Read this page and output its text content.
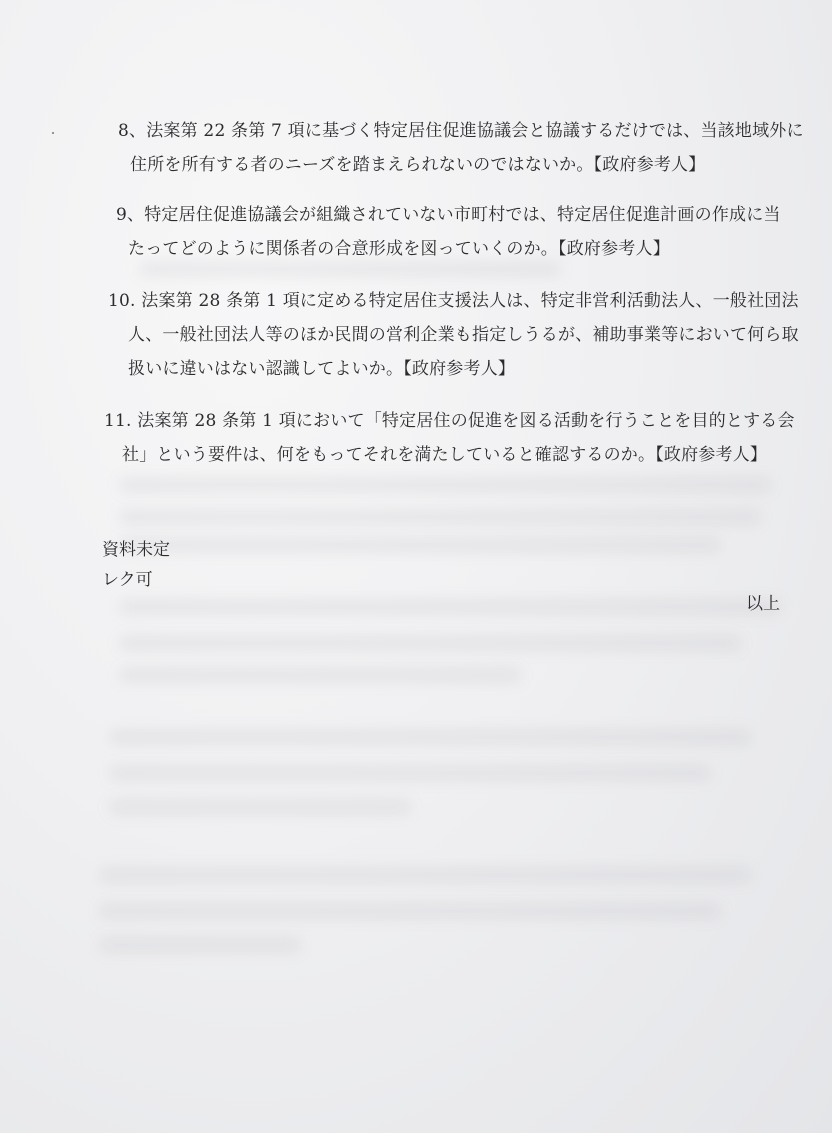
8、法案第 22 条第 7 項に基づく特定居住促進協議会と協議するだけでは、当該地域外に
住所を所有する者のニーズを踏まえられないのではないか。【政府参考人】
9、特定居住促進協議会が組織されていない市町村では、特定居住促進計画の作成に当
たってどのように関係者の合意形成を図っていくのか。【政府参考人】
10. 法案第 28 条第 1 項に定める特定居住支援法人は、特定非営利活動法人、一般社団法
人、一般社団法人等のほか民間の営利企業も指定しうるが、補助事業等において何ら取
扱いに違いはない認識してよいか。【政府参考人】
11. 法案第 28 条第 1 項において「特定居住の促進を図る活動を行うことを目的とする会
社」という要件は、何をもってそれを満たしていると確認するのか。【政府参考人】
資料未定
レク可
以上
